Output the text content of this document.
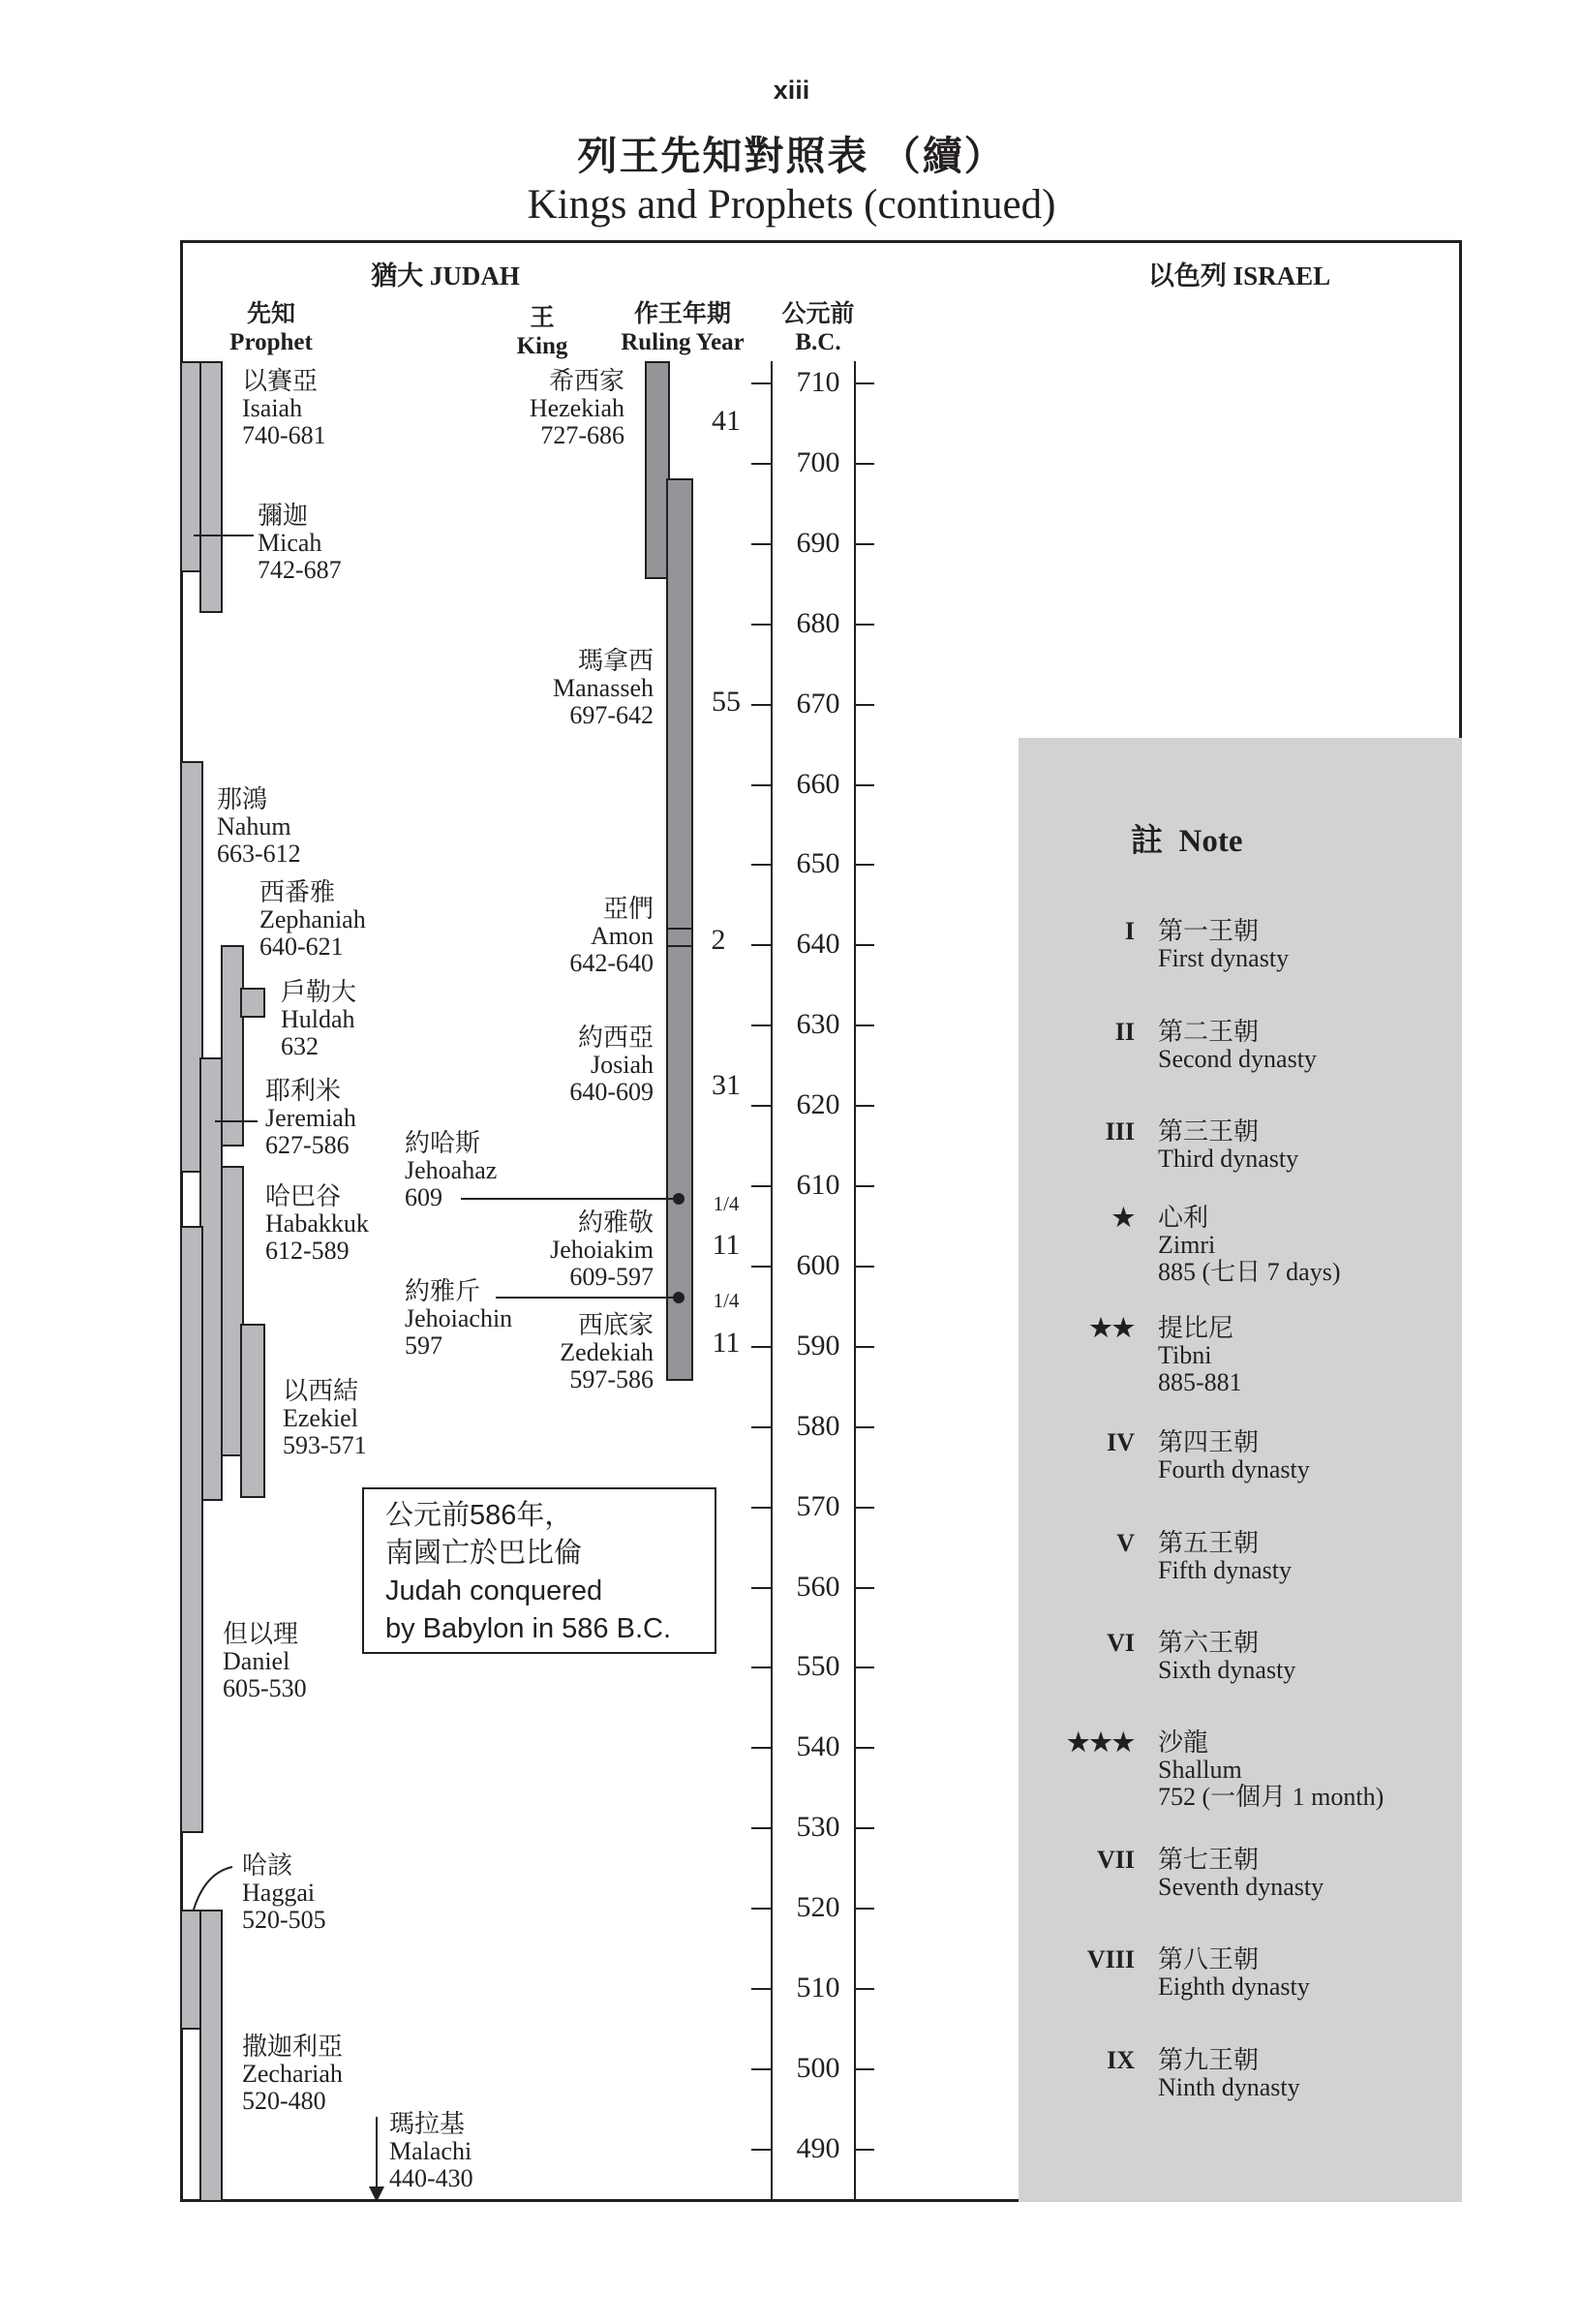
xiii
列王先知對照表 （續）
Kings and Prophets (continued)
猶大 JUDAH	以色列 ISRAEL
先知
Prophet
王
King
作王年期
Ruling Year
公元前
B.C.
710
700
690
680
670
660
650
640
630
620
610
600
590
580
570
560
550
540
530
520
510
500
490
以賽亞
Isaiah
740-681
彌迦
Micah
742-687
那鴻
Nahum
663-612
西番雅
Zephaniah
640-621
戶勒大
Huldah
632
耶利米
Jeremiah
627-586
哈巴谷
Habakkuk
612-589
以西結
Ezekiel
593-571
但以理
Daniel
605-530
哈該
Haggai
520-505
撒迦利亞
Zechariah
520-480
瑪拉基
Malachi
440-430
希西家
Hezekiah
727-686
瑪拿西
Manasseh
697-642
亞們
Amon
642-640
約西亞
Josiah
640-609
約哈斯
Jehoahaz
609
約雅敬
Jehoiakim
609-597
約雅斤
Jehoiachin
597
西底家
Zedekiah
597-586
41
55
2
31
1/4
11
1/4
11
公元前586年，
南國亡於巴比倫
Judah conquered
by Babylon in 586 B.C.
註  Note
I 第一王朝
First dynasty
II 第二王朝
Second dynasty
III 第三王朝
Third dynasty
★ 心利
Zimri
885 (七日 7 days)
★★ 提比尼
Tibni
885-881
IV 第四王朝
Fourth dynasty
V 第五王朝
Fifth dynasty
VI 第六王朝
Sixth dynasty
★★★ 沙龍
Shallum
752 (一個月 1 month)
VII 第七王朝
Seventh dynasty
VIII 第八王朝
Eighth dynasty
IX 第九王朝
Ninth dynasty
